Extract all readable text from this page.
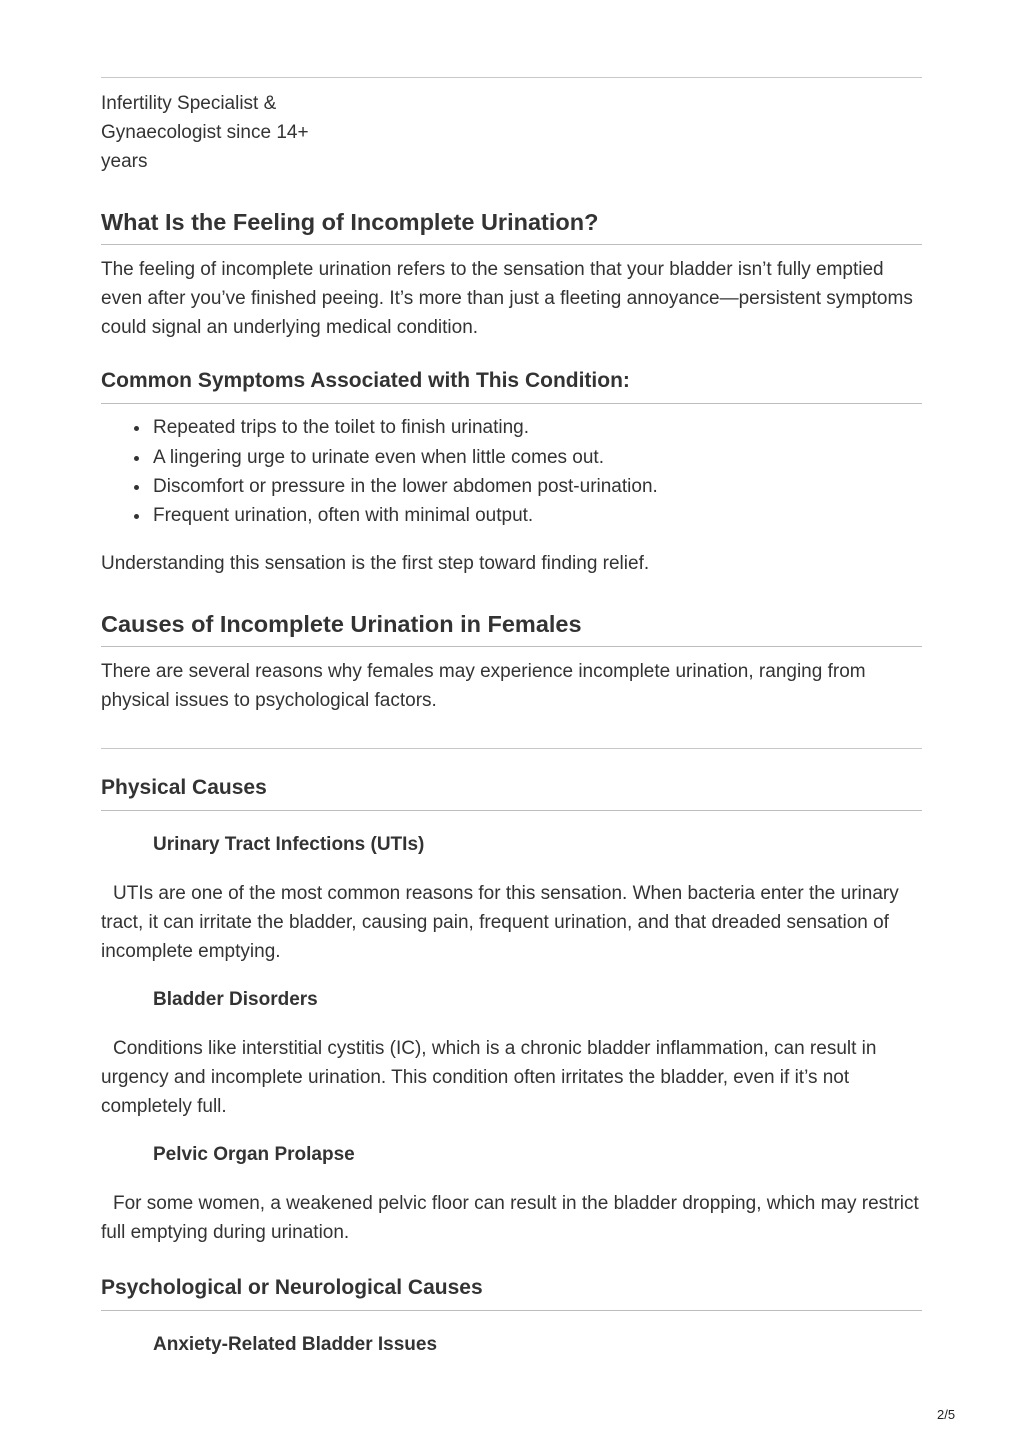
Infertility Specialist & Gynaecologist since 14+ years

What Is the Feeling of Incomplete Urination?

The feeling of incomplete urination refers to the sensation that your bladder isn’t fully emptied even after you’ve finished peeing. It’s more than just a fleeting annoyance—persistent symptoms could signal an underlying medical condition.

Common Symptoms Associated with This Condition:
Repeated trips to the toilet to finish urinating.
A lingering urge to urinate even when little comes out.
Discomfort or pressure in the lower abdomen post-urination.
Frequent urination, often with minimal output.

Understanding this sensation is the first step toward finding relief.

Causes of Incomplete Urination in Females

There are several reasons why females may experience incomplete urination, ranging from physical issues to psychological factors.

Physical Causes
Urinary Tract Infections (UTIs)

UTIs are one of the most common reasons for this sensation. When bacteria enter the urinary tract, it can irritate the bladder, causing pain, frequent urination, and that dreaded sensation of incomplete emptying.

Bladder Disorders

Conditions like interstitial cystitis (IC), which is a chronic bladder inflammation, can result in urgency and incomplete urination. This condition often irritates the bladder, even if it’s not completely full.

Pelvic Organ Prolapse

For some women, a weakened pelvic floor can result in the bladder dropping, which may restrict full emptying during urination.

Psychological or Neurological Causes
Anxiety-Related Bladder Issues
2/5
